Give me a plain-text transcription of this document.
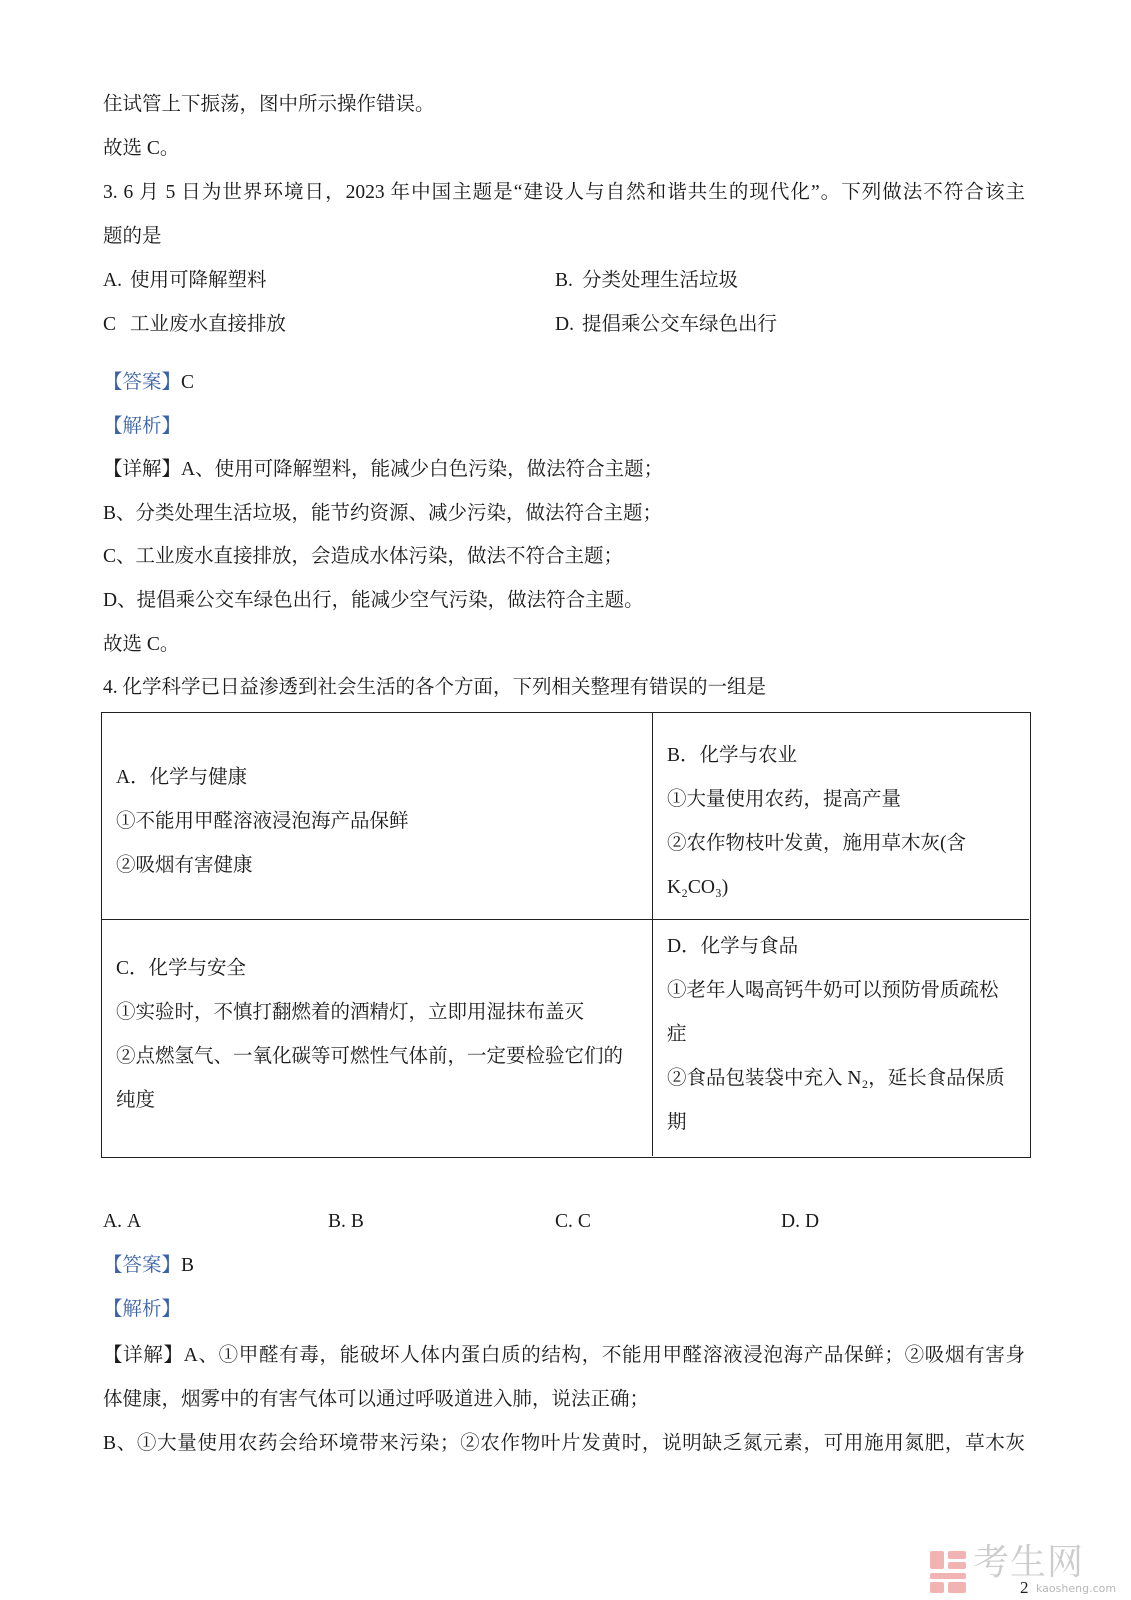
住试管上下振荡，图中所示操作错误。
故选 C。
3. 6 月 5 日为世界环境日，2023 年中国主题是“建设人与自然和谐共生的现代化”。下列做法不符合该主
题的是
A. 使用可降解塑料	B. 分类处理生活垃圾
C 工业废水直接排放	D. 提倡乘公交车绿色出行
【答案】C
【解析】
【详解】A、使用可降解塑料，能减少白色污染，做法符合主题；
B、分类处理生活垃圾，能节约资源、减少污染，做法符合主题；
C、工业废水直接排放，会造成水体污染，做法不符合主题；
D、提倡乘公交车绿色出行，能减少空气污染，做法符合主题。
故选 C。
4. 化学科学已日益渗透到社会生活的各个方面，下列相关整理有错误的一组是
A．化学与健康
①不能用甲醛溶液浸泡海产品保鲜
②吸烟有害健康
B．化学与农业
①大量使用农药，提高产量
②农作物枝叶发黄，施用草木灰(含
K₂CO₃)
C．化学与安全
①实验时，不慎打翻燃着的酒精灯，立即用湿抹布盖灭
②点燃氢气、一氧化碳等可燃性气体前，一定要检验它们的
纯度
D．化学与食品
①老年人喝高钙牛奶可以预防骨质疏松
症
②食品包装袋中充入 N₂，延长食品保质
期
A. A	B. B	C. C	D. D
【答案】B
【解析】
【详解】A、①甲醛有毒，能破坏人体内蛋白质的结构，不能用甲醛溶液浸泡海产品保鲜；②吸烟有害身
体健康，烟雾中的有害气体可以通过呼吸道进入肺，说法正确；
B、①大量使用农药会给环境带来污染；②农作物叶片发黄时，说明缺乏氮元素，可用施用氮肥，草木灰
考生网
kaosheng.com
2
